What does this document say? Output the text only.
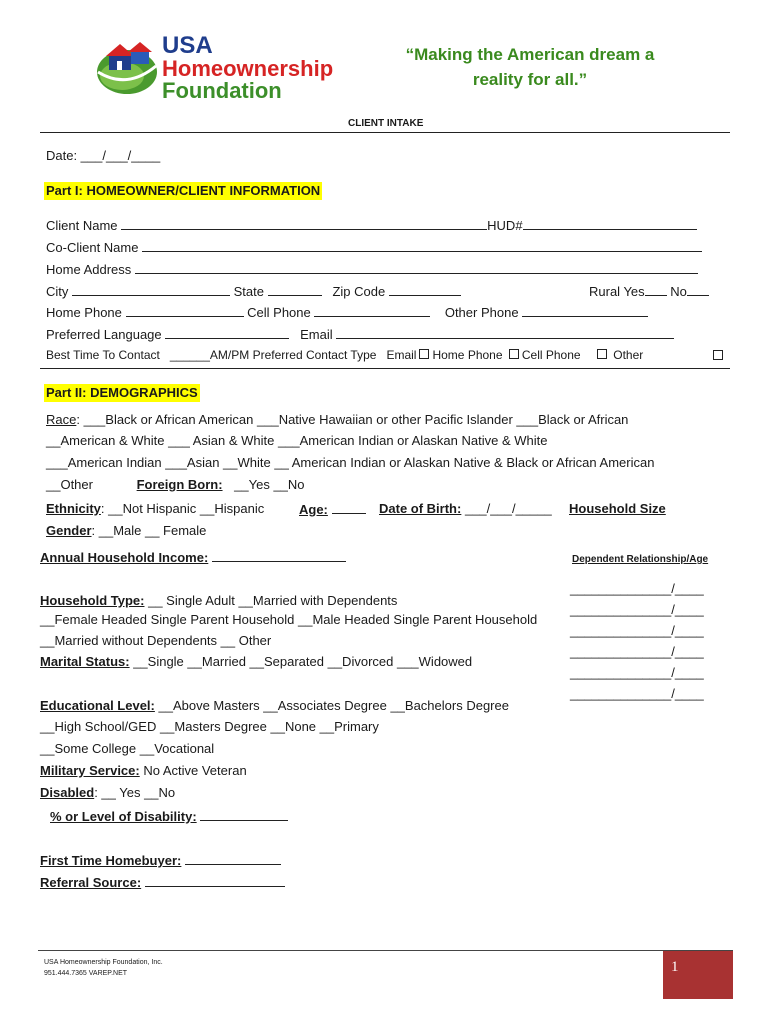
USA
Homeownership
Foundation
“Making the American dream a
reality for all.”
CLIENT INTAKE
Date: ___/___/____
Part I: HOMEOWNER/CLIENT INFORMATION
Client Name	HUD#
Co-Client Name
Home Address
City	State	Zip Code	Rural Yes No
Home Phone	Cell Phone	Other Phone
Preferred Language	Email
Best Time To Contact ______AM/PM Preferred Contact Type Email Home Phone Cell Phone	Other
Part II: DEMOGRAPHICS
Race: ___Black or African American ___Native Hawaiian or other Pacific Islander ___Black or African
__American & White ___ Asian & White ___American Indian or Alaskan Native & White
___American Indian ___Asian __White __ American Indian or Alaskan Native & Black or African American
__Other	Foreign Born: __Yes __No
Ethnicity: __Not Hispanic __Hispanic	Age:	Date of Birth: ___/___/_____ Household Size
Gender: __Male __ Female
Annual Household Income:	Dependent Relationship/Age
______________/____
______________/____
______________/____
______________/____
______________/____
______________/____
Household Type: __ Single Adult __Married with Dependents
__Female Headed Single Parent Household __Male Headed Single Parent Household
__Married without Dependents __ Other
Marital Status: __Single __Married __Separated __Divorced ___Widowed
Educational Level: __Above Masters __Associates Degree __Bachelors Degree
__High School/GED __Masters Degree __None __Primary
__Some College __Vocational
Military Service: No Active Veteran
Disabled: __ Yes __No
% or Level of Disability:
First Time Homebuyer:
Referral Source:
USA Homeownership Foundation, Inc.
951.444.7365 VAREP.NET	1
